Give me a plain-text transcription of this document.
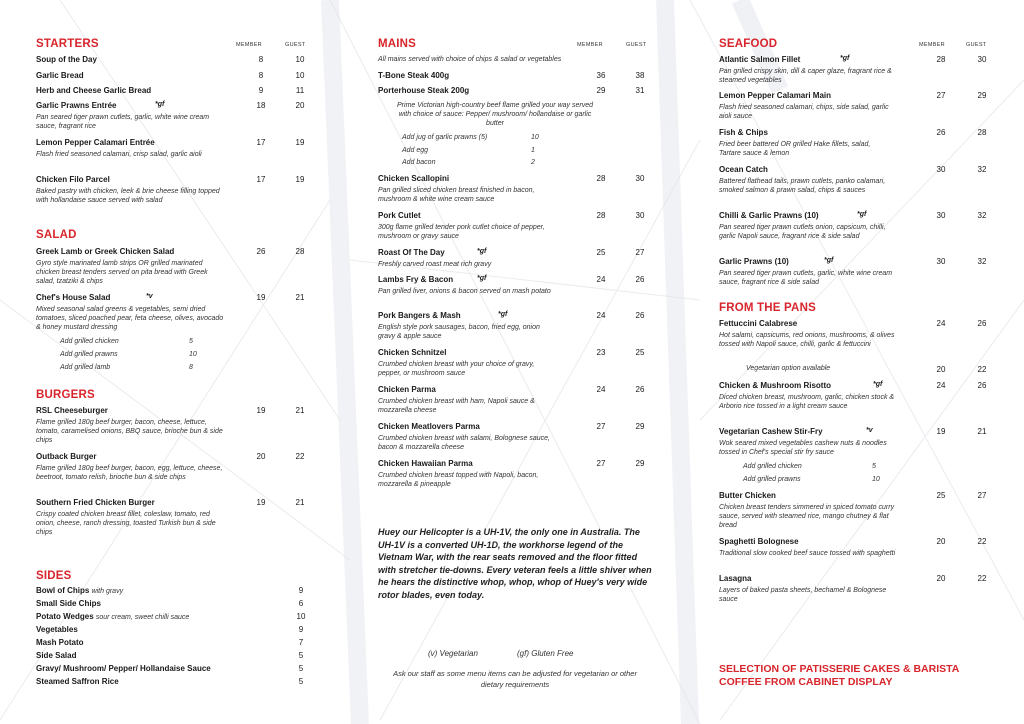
STARTERS	MEMBER	GUEST
Soup of the Day	8	10
Garlic Bread	8	10
Herb and Cheese Garlic Bread	9	11
Garlic Prawns Entrée	*gf	18	20
Pan seared tiger prawn cutlets, garlic, white wine cream sauce, fragrant rice
Lemon Pepper Calamari Entrée	17	19
Flash fried seasoned calamari, crisp salad, garlic aioli
Chicken Filo Parcel	17	19
Baked pastry with chicken, leek & brie cheese filling topped with hollandaise sauce served with salad
SALAD
Greek Lamb or Greek Chicken Salad	26	28
Gyro style marinated lamb strips OR grilled marinated chicken breast tenders served on pita bread with Greek salad, tzatziki & chips
Chef's House Salad	*v	19	21
Mixed seasonal salad greens & vegetables, semi dried tomatoes, sliced poached pear, feta cheese, olives, avocado & honey mustard dressing
Add grilled chicken	5
Add grilled prawns	10
Add grilled lamb	8
BURGERS
RSL Cheeseburger	19	21
Flame grilled 180g beef burger, bacon, cheese, lettuce, tomato, caramelised onions, BBQ sauce, brioche bun & side chips
Outback Burger	20	22
Flame grilled 180g beef burger, bacon, egg, lettuce, cheese, beetroot, tomato relish, brioche bun & side chips
Southern Fried Chicken Burger	19	21
Crispy coated chicken breast fillet, coleslaw, tomato, red onion, cheese, ranch dressing, toasted Turkish bun & side chips
SIDES
Bowl of Chips with gravy	9
Small Side Chips	6
Potato Wedges sour cream, sweet chilli sauce	10
Vegetables	9
Mash Potato	7
Side Salad	5
Gravy/ Mushroom/ Pepper/ Hollandaise Sauce	5
Steamed Saffron Rice	5
MAINS	MEMBER	GUEST
All mains served with choice of chips & salad or vegetables
T-Bone Steak 400g	36	38
Porterhouse Steak 200g	29	31
Prime Victorian high-country beef flame grilled your way served with choice of sauce: Pepper/ mushroom/ hollandaise or garlic butter
Add jug of garlic prawns (5)	10
Add egg	1
Add bacon	2
Chicken Scallopini	28	30
Pan grilled sliced chicken breast finished in bacon, mushroom & white wine cream sauce
Pork Cutlet	28	30
300g flame grilled tender pork cutlet choice of pepper, mushroom or gravy sauce
Roast Of The Day	*gf	25	27
Freshly carved roast meat rich gravy
Lambs Fry & Bacon	*gf	24	26
Pan grilled liver, onions & bacon served on mash potato
Pork Bangers & Mash	*gf	24	26
English style pork sausages, bacon, fried egg, onion gravy & apple sauce
Chicken Schnitzel	23	25
Crumbed chicken breast with your choice of gravy, pepper, or mushroom sauce
Chicken Parma	24	26
Crumbed chicken breast with ham, Napoli sauce & mozzarella cheese
Chicken Meatlovers Parma	27	29
Crumbed chicken breast with salami, Bolognese sauce, bacon & mozzarella cheese
Chicken Hawaiian Parma	27	29
Crumbed chicken breast topped with Napoli, bacon, mozzarella & pineapple
Huey our Helicopter is a UH-1V, the only one in Australia. The UH-1V is a converted UH-1D, the workhorse legend of the Vietnam War, with the rear seats removed and the floor fitted with stretcher tie-downs. Every veteran feels a little shiver when he hears the distinctive whop, whop, whop of Huey's very wide rotor blades, even today.
(v) Vegetarian	(gf) Gluten Free
Ask our staff as some menu items can be adjusted for vegetarian or other dietary requirements
SEAFOOD	MEMBER	GUEST
Atlantic Salmon Fillet	*gf	28	30
Pan grilled crispy skin, dill & caper glaze, fragrant rice & steamed vegetables
Lemon Pepper Calamari Main	27	29
Flash fried seasoned calamari, chips, side salad, garlic aioli sauce
Fish & Chips	26	28
Fried beer battered OR grilled Hake fillets, salad, Tartare sauce & lemon
Ocean Catch	30	32
Battered flathead tails, prawn cutlets, panko calamari, smoked salmon & prawn salad, chips & sauces
Chilli & Garlic Prawns (10)	*gf	30	32
Pan seared tiger prawn cutlets onion, capsicum, chilli, garlic Napoli sauce, fragrant rice & side salad
Garlic Prawns (10)	*gf	30	32
Pan seared tiger prawn cutlets, garlic, white wine cream sauce, fragrant rice & side salad
FROM THE PANS
Fettuccini Calabrese	24	26
Hot salami, capsicums, red onions, mushrooms, & olives tossed with Napoli sauce, chilli, garlic & fettuccini
Vegetarian option available	20	22
Chicken & Mushroom Risotto	*gf	24	26
Diced chicken breast, mushroom, garlic, chicken stock & Arborio rice tossed in a light cream sauce
Vegetarian Cashew Stir-Fry	*v	19	21
Wok seared mixed vegetables cashew nuts & noodles tossed in Chef's special stir fry sauce
Add grilled chicken	5
Add grilled prawns	10
Butter Chicken	25	27
Chicken breast tenders simmered in spiced tomato curry sauce, served with steamed rice, mango chutney & flat bread
Spaghetti Bolognese	20	22
Traditional slow cooked beef sauce tossed with spaghetti
Lasagna	20	22
Layers of baked pasta sheets, bechamel & Bolognese sauce
SELECTION OF PATISSERIE CAKES & BARISTA COFFEE FROM CABINET DISPLAY
